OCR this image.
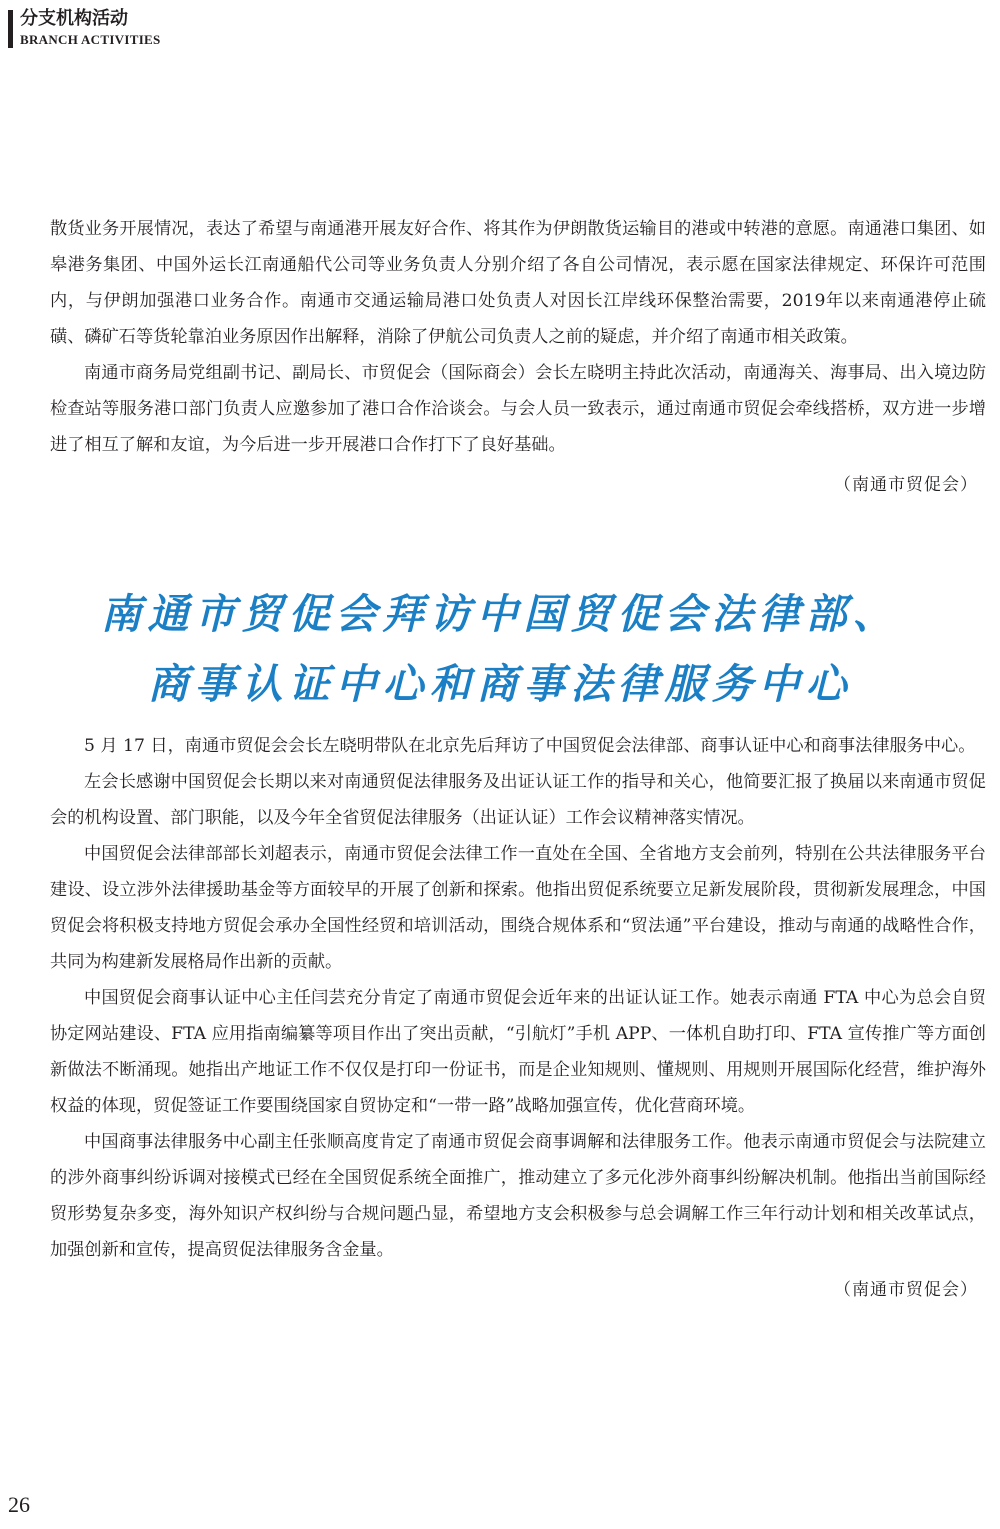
分支机构活动
BRANCH ACTIVITIES

散货业务开展情况，表达了希望与南通港开展友好合作、将其作为伊朗散货运输目的港或中转港的意愿。南通港口集团、如皋港务集团、中国外运长江南通船代公司等业务负责人分别介绍了各自公司情况，表示愿在国家法律规定、环保许可范围内，与伊朗加强港口业务合作。南通市交通运输局港口处负责人对因长江岸线环保整治需要，2019年以来南通港停止硫磺、磷矿石等货轮靠泊业务原因作出解释，消除了伊航公司负责人之前的疑虑，并介绍了南通市相关政策。

南通市商务局党组副书记、副局长、市贸促会（国际商会）会长左晓明主持此次活动，南通海关、海事局、出入境边防检查站等服务港口部门负责人应邀参加了港口合作洽谈会。与会人员一致表示，通过南通市贸促会牵线搭桥，双方进一步增进了相互了解和友谊，为今后进一步开展港口合作打下了良好基础。

（南通市贸促会）

南通市贸促会拜访中国贸促会法律部、
商事认证中心和商事法律服务中心

5 月 17 日，南通市贸促会会长左晓明带队在北京先后拜访了中国贸促会法律部、商事认证中心和商事法律服务中心。

左会长感谢中国贸促会长期以来对南通贸促法律服务及出证认证工作的指导和关心，他简要汇报了换届以来南通市贸促会的机构设置、部门职能，以及今年全省贸促法律服务（出证认证）工作会议精神落实情况。

中国贸促会法律部部长刘超表示，南通市贸促会法律工作一直处在全国、全省地方支会前列，特别在公共法律服务平台建设、设立涉外法律援助基金等方面较早的开展了创新和探索。他指出贸促系统要立足新发展阶段，贯彻新发展理念，中国贸促会将积极支持地方贸促会承办全国性经贸和培训活动，围绕合规体系和“贸法通”平台建设，推动与南通的战略性合作，共同为构建新发展格局作出新的贡献。

中国贸促会商事认证中心主任闫芸充分肯定了南通市贸促会近年来的出证认证工作。她表示南通 FTA 中心为总会自贸协定网站建设、FTA 应用指南编纂等项目作出了突出贡献，“引航灯”手机 APP、一体机自助打印、FTA 宣传推广等方面创新做法不断涌现。她指出产地证工作不仅仅是打印一份证书，而是企业知规则、懂规则、用规则开展国际化经营，维护海外权益的体现，贸促签证工作要围绕国家自贸协定和“一带一路”战略加强宣传，优化营商环境。

中国商事法律服务中心副主任张顺高度肯定了南通市贸促会商事调解和法律服务工作。他表示南通市贸促会与法院建立的涉外商事纠纷诉调对接模式已经在全国贸促系统全面推广，推动建立了多元化涉外商事纠纷解决机制。他指出当前国际经贸形势复杂多变，海外知识产权纠纷与合规问题凸显，希望地方支会积极参与总会调解工作三年行动计划和相关改革试点，加强创新和宣传，提高贸促法律服务含金量。

（南通市贸促会）

26
